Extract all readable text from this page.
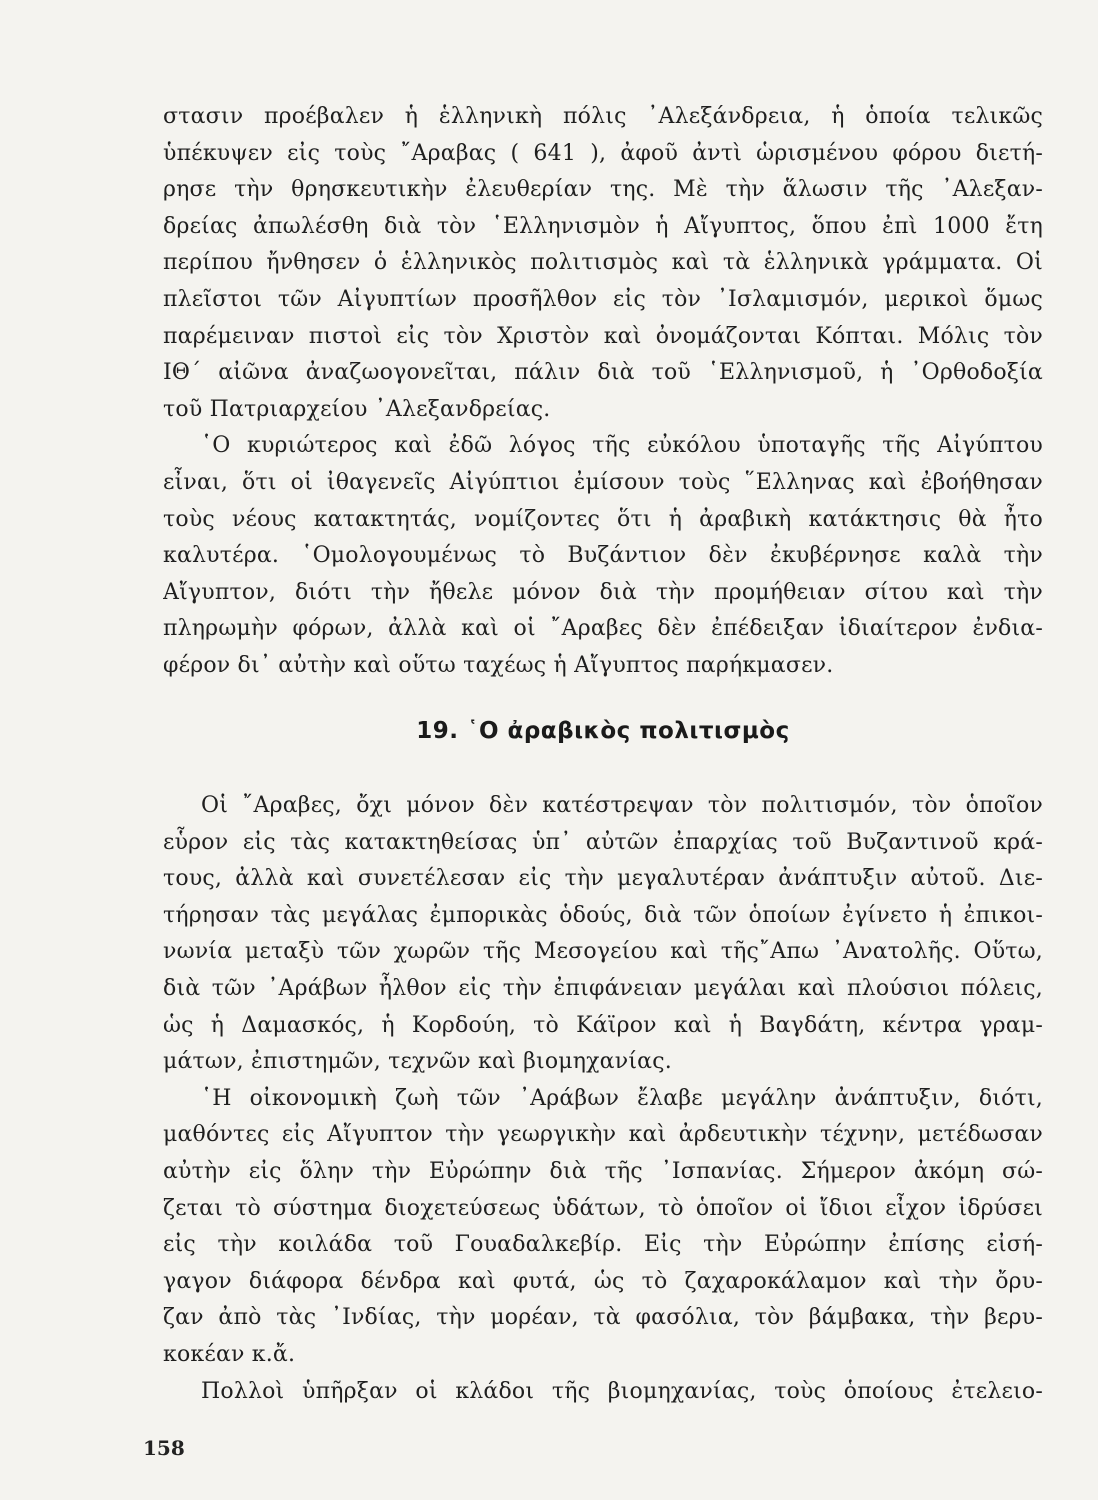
στασιν προέβαλεν ἡ ἑλληνικὴ πόλις ᾿Αλεξάνδρεια, ἡ ὁποία τελικῶς
ὑπέκυψεν εἰς τοὺς ῎Αραβας ( 641 ), ἀφοῦ ἀντὶ ὡρισμένου φόρου διετή-
ρησε τὴν θρησκευτικὴν ἐλευθερίαν της. Μὲ τὴν ἅλωσιν τῆς ᾿Αλεξαν-
δρείας ἀπωλέσθη διὰ τὸν ῾Ελληνισμὸν ἡ Αἴγυπτος, ὅπου ἐπὶ 1000 ἔτη
περίπου ἤνθησεν ὁ ἑλληνικὸς πολιτισμὸς καὶ τὰ ἑλληνικὰ γράμματα. Οἱ
πλεῖστοι τῶν Αἰγυπτίων προσῆλθον εἰς τὸν ᾿Ισλαμισμόν, μερικοὶ ὅμως
παρέμειναν πιστοὶ εἰς τὸν Χριστὸν καὶ ὀνομάζονται Κόπται. Μόλις τὸν
ΙΘ΄ αἰῶνα ἀναζωογονεῖται, πάλιν διὰ τοῦ ῾Ελληνισμοῦ, ἡ ᾿Ορθοδοξία
τοῦ Πατριαρχείου ᾿Αλεξανδρείας.
῾Ο κυριώτερος καὶ ἐδῶ λόγος τῆς εὐκόλου ὑποταγῆς τῆς Αἰγύπτου
εἶναι, ὅτι οἱ ἰθαγενεῖς Αἰγύπτιοι ἐμίσουν τοὺς ῞Ελληνας καὶ ἐβοήθησαν
τοὺς νέους κατακτητάς, νομίζοντες ὅτι ἡ ἀραβικὴ κατάκτησις θὰ ἦτο
καλυτέρα. ῾Ομολογουμένως τὸ Βυζάντιον δὲν ἐκυβέρνησε καλὰ τὴν
Αἴγυπτον, διότι τὴν ἤθελε μόνον διὰ τὴν προμήθειαν σίτου καὶ τὴν
πληρωμὴν φόρων, ἀλλὰ καὶ οἱ ῎Αραβες δὲν ἐπέδειξαν ἰδιαίτερον ἐνδια-
φέρον δι᾿ αὐτὴν καὶ οὕτω ταχέως ἡ Αἴγυπτος παρήκμασεν.
19. ῾Ο ἀραβικὸς πολιτισμὸς
Οἱ ῎Αραβες, ὄχι μόνον δὲν κατέστρεψαν τὸν πολιτισμόν, τὸν ὁποῖον
εὗρον εἰς τὰς κατακτηθείσας ὑπ᾿ αὐτῶν ἐπαρχίας τοῦ Βυζαντινοῦ κρά-
τους, ἀλλὰ καὶ συνετέλεσαν εἰς τὴν μεγαλυτέραν ἀνάπτυξιν αὐτοῦ. Διε-
τήρησαν τὰς μεγάλας ἐμπορικὰς ὁδούς, διὰ τῶν ὁποίων ἐγίνετο ἡ ἐπικοι-
νωνία μεταξὺ τῶν χωρῶν τῆς Μεσογείου καὶ τῆς῎Απω ᾿Ανατολῆς. Οὕτω,
διὰ τῶν ᾿Αράβων ἦλθον εἰς τὴν ἐπιφάνειαν μεγάλαι καὶ πλούσιοι πόλεις,
ὡς ἡ Δαμασκός, ἡ Κορδούη, τὸ Κάϊρον καὶ ἡ Βαγδάτη, κέντρα γραμ-
μάτων, ἐπιστημῶν, τεχνῶν καὶ βιομηχανίας.
῾Η οἰκονομικὴ ζωὴ τῶν ᾿Αράβων ἔλαβε μεγάλην ἀνάπτυξιν, διότι,
μαθόντες εἰς Αἴγυπτον τὴν γεωργικὴν καὶ ἀρδευτικὴν τέχνην, μετέδωσαν
αὐτὴν εἰς ὅλην τὴν Εὐρώπην διὰ τῆς ᾿Ισπανίας. Σήμερον ἀκόμη σώ-
ζεται τὸ σύστημα διοχετεύσεως ὑδάτων, τὸ ὁποῖον οἱ ἴδιοι εἶχον ἱδρύσει
εἰς τὴν κοιλάδα τοῦ Γουαδαλκεβίρ. Εἰς τὴν Εὐρώπην ἐπίσης εἰσή-
γαγον διάφορα δένδρα καὶ φυτά, ὡς τὸ ζαχαροκάλαμον καὶ τὴν ὄρυ-
ζαν ἀπὸ τὰς ᾿Ινδίας, τὴν μορέαν, τὰ φασόλια, τὸν βάμβακα, τὴν βερυ-
κοκέαν κ.ἄ.
Πολλοὶ ὑπῆρξαν οἱ κλάδοι τῆς βιομηχανίας, τοὺς ὁποίους ἐτελειο-
158
